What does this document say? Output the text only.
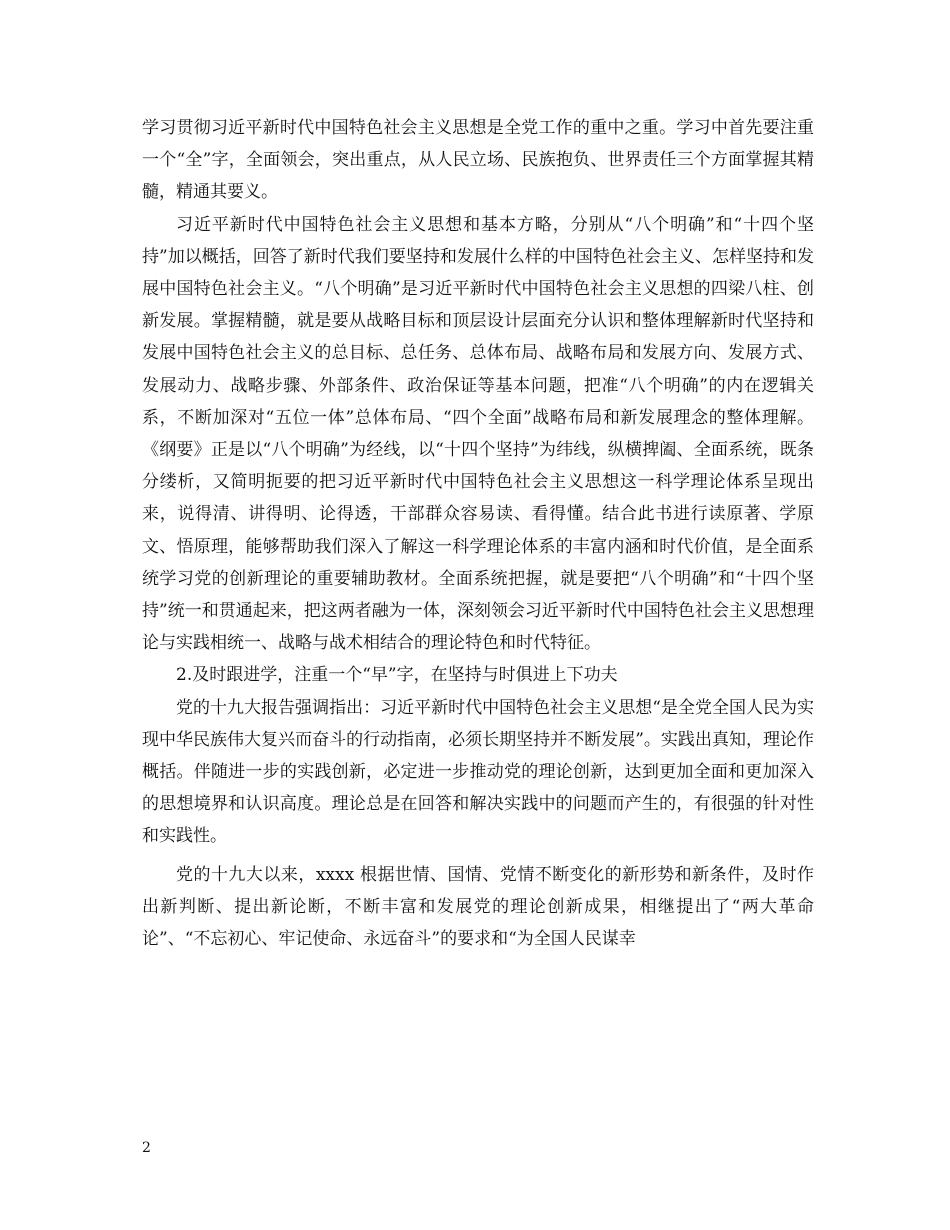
学习贯彻习近平新时代中国特色社会主义思想是全党工作的重中之重。学习中首先要注重一个“全”字，全面领会，突出重点，从人民立场、民族抱负、世界责任三个方面掌握其精髓，精通其要义。

习近平新时代中国特色社会主义思想和基本方略，分别从“八个明确”和“十四个坚持”加以概括，回答了新时代我们要坚持和发展什么样的中国特色社会主义、怎样坚持和发展中国特色社会主义。“八个明确”是习近平新时代中国特色社会主义思想的四梁八柱、创新发展。掌握精髓，就是要从战略目标和顶层设计层面充分认识和整体理解新时代坚持和发展中国特色社会主义的总目标、总任务、总体布局、战略布局和发展方向、发展方式、发展动力、战略步骤、外部条件、政治保证等基本问题，把准“八个明确”的内在逻辑关系，不断加深对“五位一体”总体布局、“四个全面”战略布局和新发展理念的整体理解。《纲要》正是以“八个明确”为经线，以“十四个坚持”为纬线，纵横捭阖、全面系统，既条分缕析，又简明扼要的把习近平新时代中国特色社会主义思想这一科学理论体系呈现出来，说得清、讲得明、论得透，干部群众容易读、看得懂。结合此书进行读原著、学原文、悟原理，能够帮助我们深入了解这一科学理论体系的丰富内涵和时代价值，是全面系统学习党的创新理论的重要辅助教材。全面系统把握，就是要把“八个明确”和“十四个坚持”统一和贯通起来，把这两者融为一体，深刻领会习近平新时代中国特色社会主义思想理论与实践相统一、战略与战术相结合的理论特色和时代特征。

2.及时跟进学，注重一个“早”字，在坚持与时俱进上下功夫

党的十九大报告强调指出：习近平新时代中国特色社会主义思想“是全党全国人民为实现中华民族伟大复兴而奋斗的行动指南，必须长期坚持并不断发展”。实践出真知，理论作概括。伴随进一步的实践创新，必定进一步推动党的理论创新，达到更加全面和更加深入的思想境界和认识高度。理论总是在回答和解决实践中的问题而产生的，有很强的针对性和实践性。

党的十九大以来，xxxx 根据世情、国情、党情不断变化的新形势和新条件，及时作出新判断、提出新论断，不断丰富和发展党的理论创新成果，相继提出了“两大革命论”、“不忘初心、牢记使命、永远奋斗”的要求和“为全国人民谋幸

2
